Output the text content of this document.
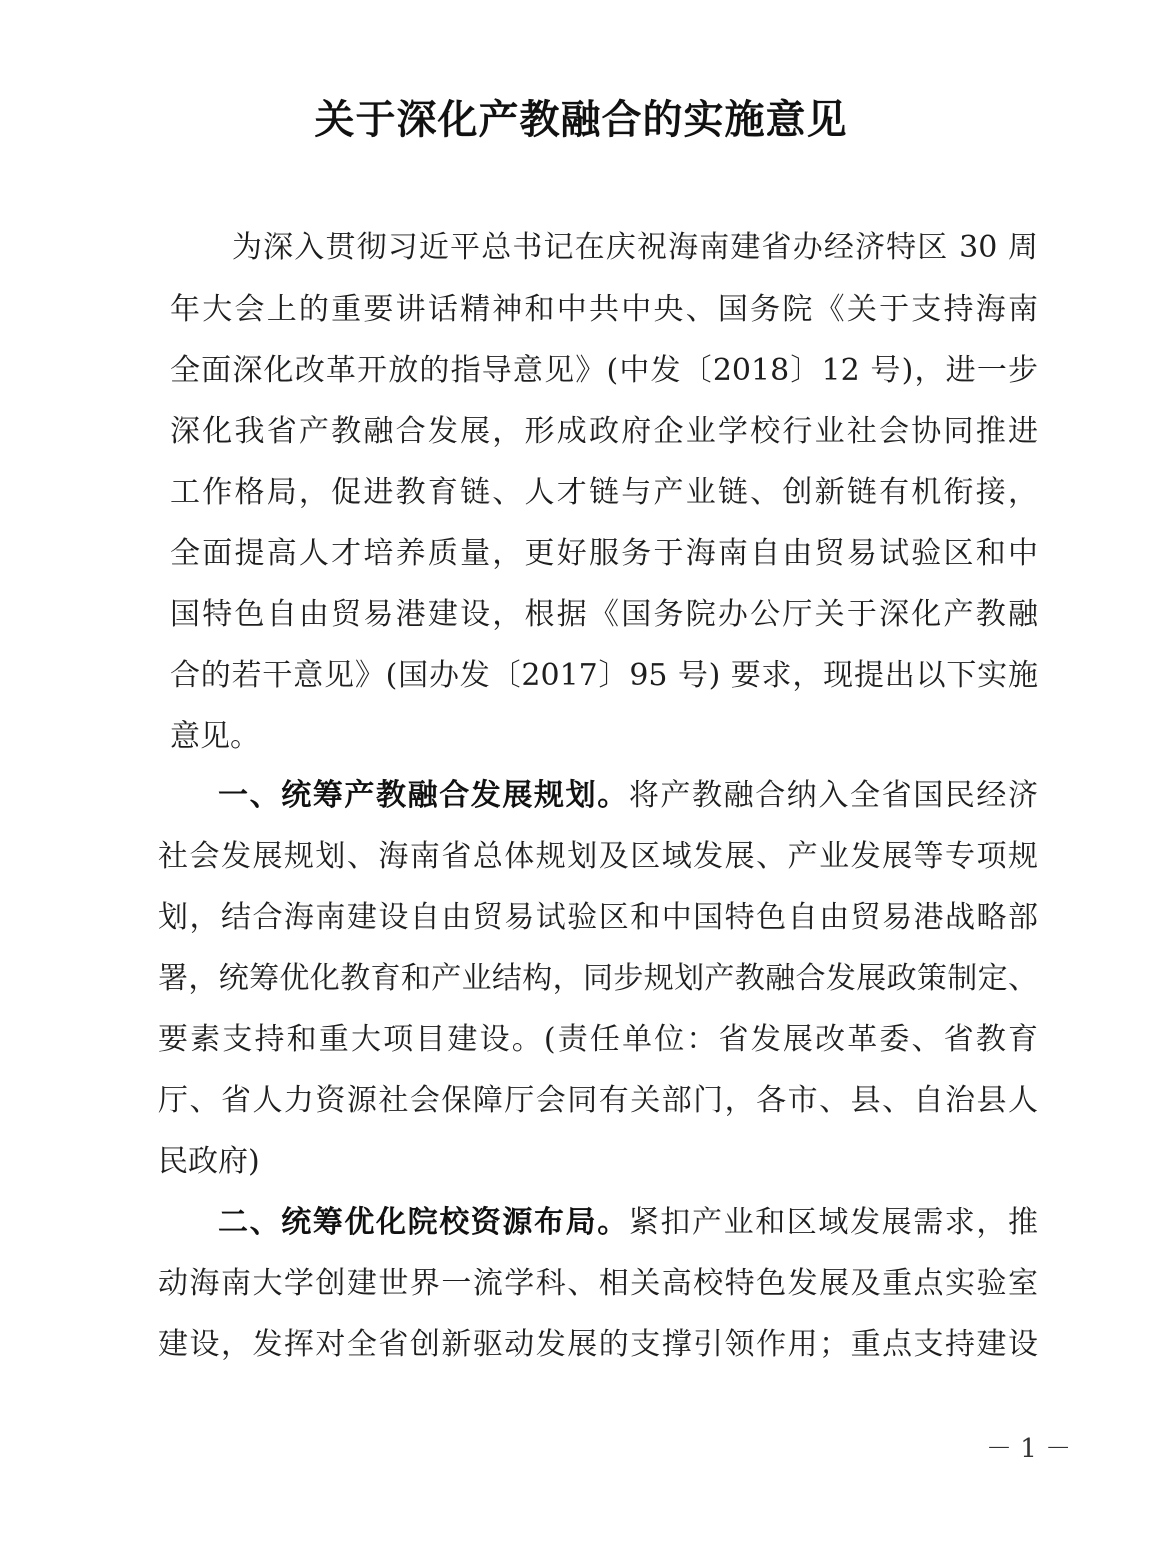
关于深化产教融合的实施意见
为深入贯彻习近平总书记在庆祝海南建省办经济特区 30 周
年大会上的重要讲话精神和中共中央、国务院《关于支持海南
全面深化改革开放的指导意见》(中发〔2018〕12 号)，进一步
深化我省产教融合发展，形成政府企业学校行业社会协同推进
工作格局，促进教育链、人才链与产业链、创新链有机衔接，
全面提高人才培养质量，更好服务于海南自由贸易试验区和中
国特色自由贸易港建设，根据《国务院办公厅关于深化产教融
合的若干意见》(国办发〔2017〕95 号) 要求，现提出以下实施
意见。
一、统筹产教融合发展规划。将产教融合纳入全省国民经济
社会发展规划、海南省总体规划及区域发展、产业发展等专项规
划，结合海南建设自由贸易试验区和中国特色自由贸易港战略部
署，统筹优化教育和产业结构，同步规划产教融合发展政策制定、
要素支持和重大项目建设。(责任单位：省发展改革委、省教育
厅、省人力资源社会保障厅会同有关部门，各市、县、自治县人
民政府)
二、统筹优化院校资源布局。紧扣产业和区域发展需求，推
动海南大学创建世界一流学科、相关高校特色发展及重点实验室
建设，发挥对全省创新驱动发展的支撑引领作用；重点支持建设
－ 1 －
